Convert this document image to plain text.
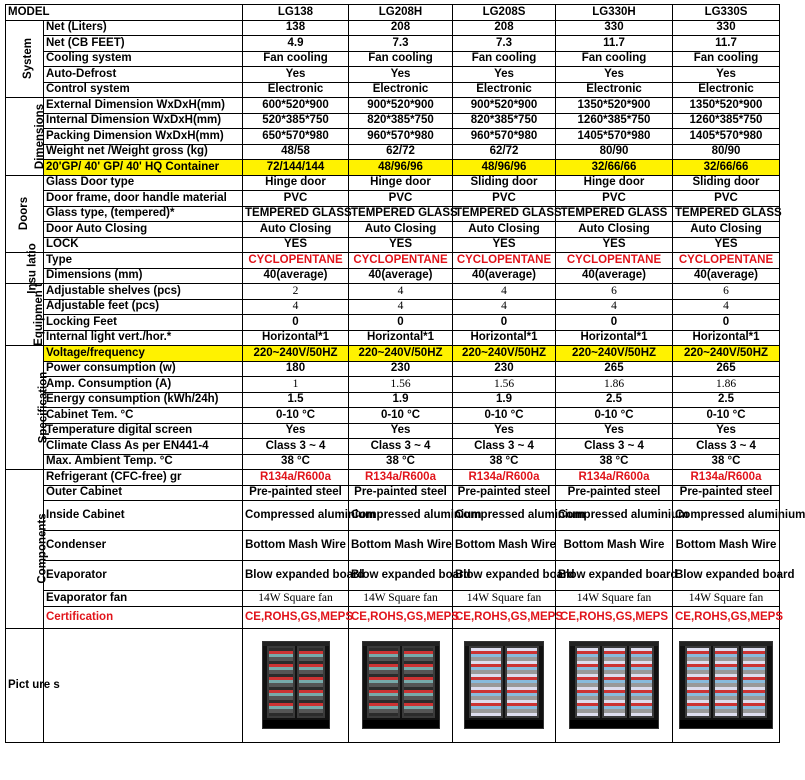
MODEL		LG138	LG208H	LG208S	LG330H	LG330S
System	Net (Liters)	138	208	208	330	330
	Net (CB FEET)	4.9	7.3	7.3	11.7	11.7
	Cooling system	Fan cooling	Fan cooling	Fan cooling	Fan cooling	Fan cooling
	Auto-Defrost	Yes	Yes	Yes	Yes	Yes
	Control system	Electronic	Electronic	Electronic	Electronic	Electronic
Dimensions	External Dimension WxDxH(mm)	600*520*900	900*520*900	900*520*900	1350*520*900	1350*520*900
	Internal Dimension WxDxH(mm)	520*385*750	820*385*750	820*385*750	1260*385*750	1260*385*750
	Packing Dimension WxDxH(mm)	650*570*980	960*570*980	960*570*980	1405*570*980	1405*570*980
	Weight net /Weight gross (kg)	48/58	62/72	62/72	80/90	80/90
	20'GP/ 40' GP/ 40' HQ Container	72/144/144	48/96/96	48/96/96	32/66/66	32/66/66
Doors	Glass Door type	Hinge door	Hinge door	Sliding door	Hinge door	Sliding door
	Door frame, door handle material	PVC	PVC	PVC	PVC	PVC
	Glass type, (tempered)*	TEMPERED GLASS	TEMPERED GLASS	TEMPERED GLASS	TEMPERED GLASS	TEMPERED GLASS
	Door Auto Closing	Auto Closing	Auto Closing	Auto Closing	Auto Closing	Auto Closing
	LOCK	YES	YES	YES	YES	YES
Insu latio	Type	CYCLOPENTANE	CYCLOPENTANE	CYCLOPENTANE	CYCLOPENTANE	CYCLOPENTANE
	Dimensions (mm)	40(average)	40(average)	40(average)	40(average)	40(average)
Equipmen t	Adjustable shelves (pcs)	2	4	4	6	6
	Adjustable feet (pcs)	4	4	4	4	4
	Locking Feet	0	0	0	0	0
	Internal light vert./hor.*	Horizontal*1	Horizontal*1	Horizontal*1	Horizontal*1	Horizontal*1
Specification	Voltage/frequency	220~240V/50HZ	220~240V/50HZ	220~240V/50HZ	220~240V/50HZ	220~240V/50HZ
	Power consumption (w)	180	230	230	265	265
	Amp. Consumption (A)	1	1.56	1.56	1.86	1.86
	Energy consumption (kWh/24h)	1.5	1.9	1.9	2.5	2.5
	Cabinet Tem. °C	0-10 °C	0-10 °C	0-10 °C	0-10 °C	0-10 °C
	Temperature digital screen	Yes	Yes	Yes	Yes	Yes
	Climate Class As per EN441-4	Class 3 ~ 4	Class 3 ~ 4	Class 3 ~ 4	Class 3 ~ 4	Class 3 ~ 4
	Max. Ambient Temp. °C	38 °C	38 °C	38 °C	38 °C	38 °C
Components	Refrigerant (CFC-free) gr	R134a/R600a	R134a/R600a	R134a/R600a	R134a/R600a	R134a/R600a
	Outer Cabinet	Pre-painted steel	Pre-painted steel	Pre-painted steel	Pre-painted steel	Pre-painted steel
	Inside Cabinet	Compressed aluminium	Compressed aluminium	Compressed aluminium	Compressed aluminium	Compressed aluminium
	Condenser	Bottom Mash Wire	Bottom Mash Wire	Bottom Mash Wire	Bottom Mash Wire	Bottom Mash Wire
	Evaporator	Blow expanded board	Blow expanded board	Blow expanded board	Blow expanded board	Blow expanded board
	Evaporator fan	14W Square fan	14W Square fan	14W Square fan	14W Square fan	14W Square fan
	Certification	CE,ROHS,GS,MEPS	CE,ROHS,GS,MEPS	CE,ROHS,GS,MEPS	CE,ROHS,GS,MEPS	CE,ROHS,GS,MEPS
Pict ure s		
